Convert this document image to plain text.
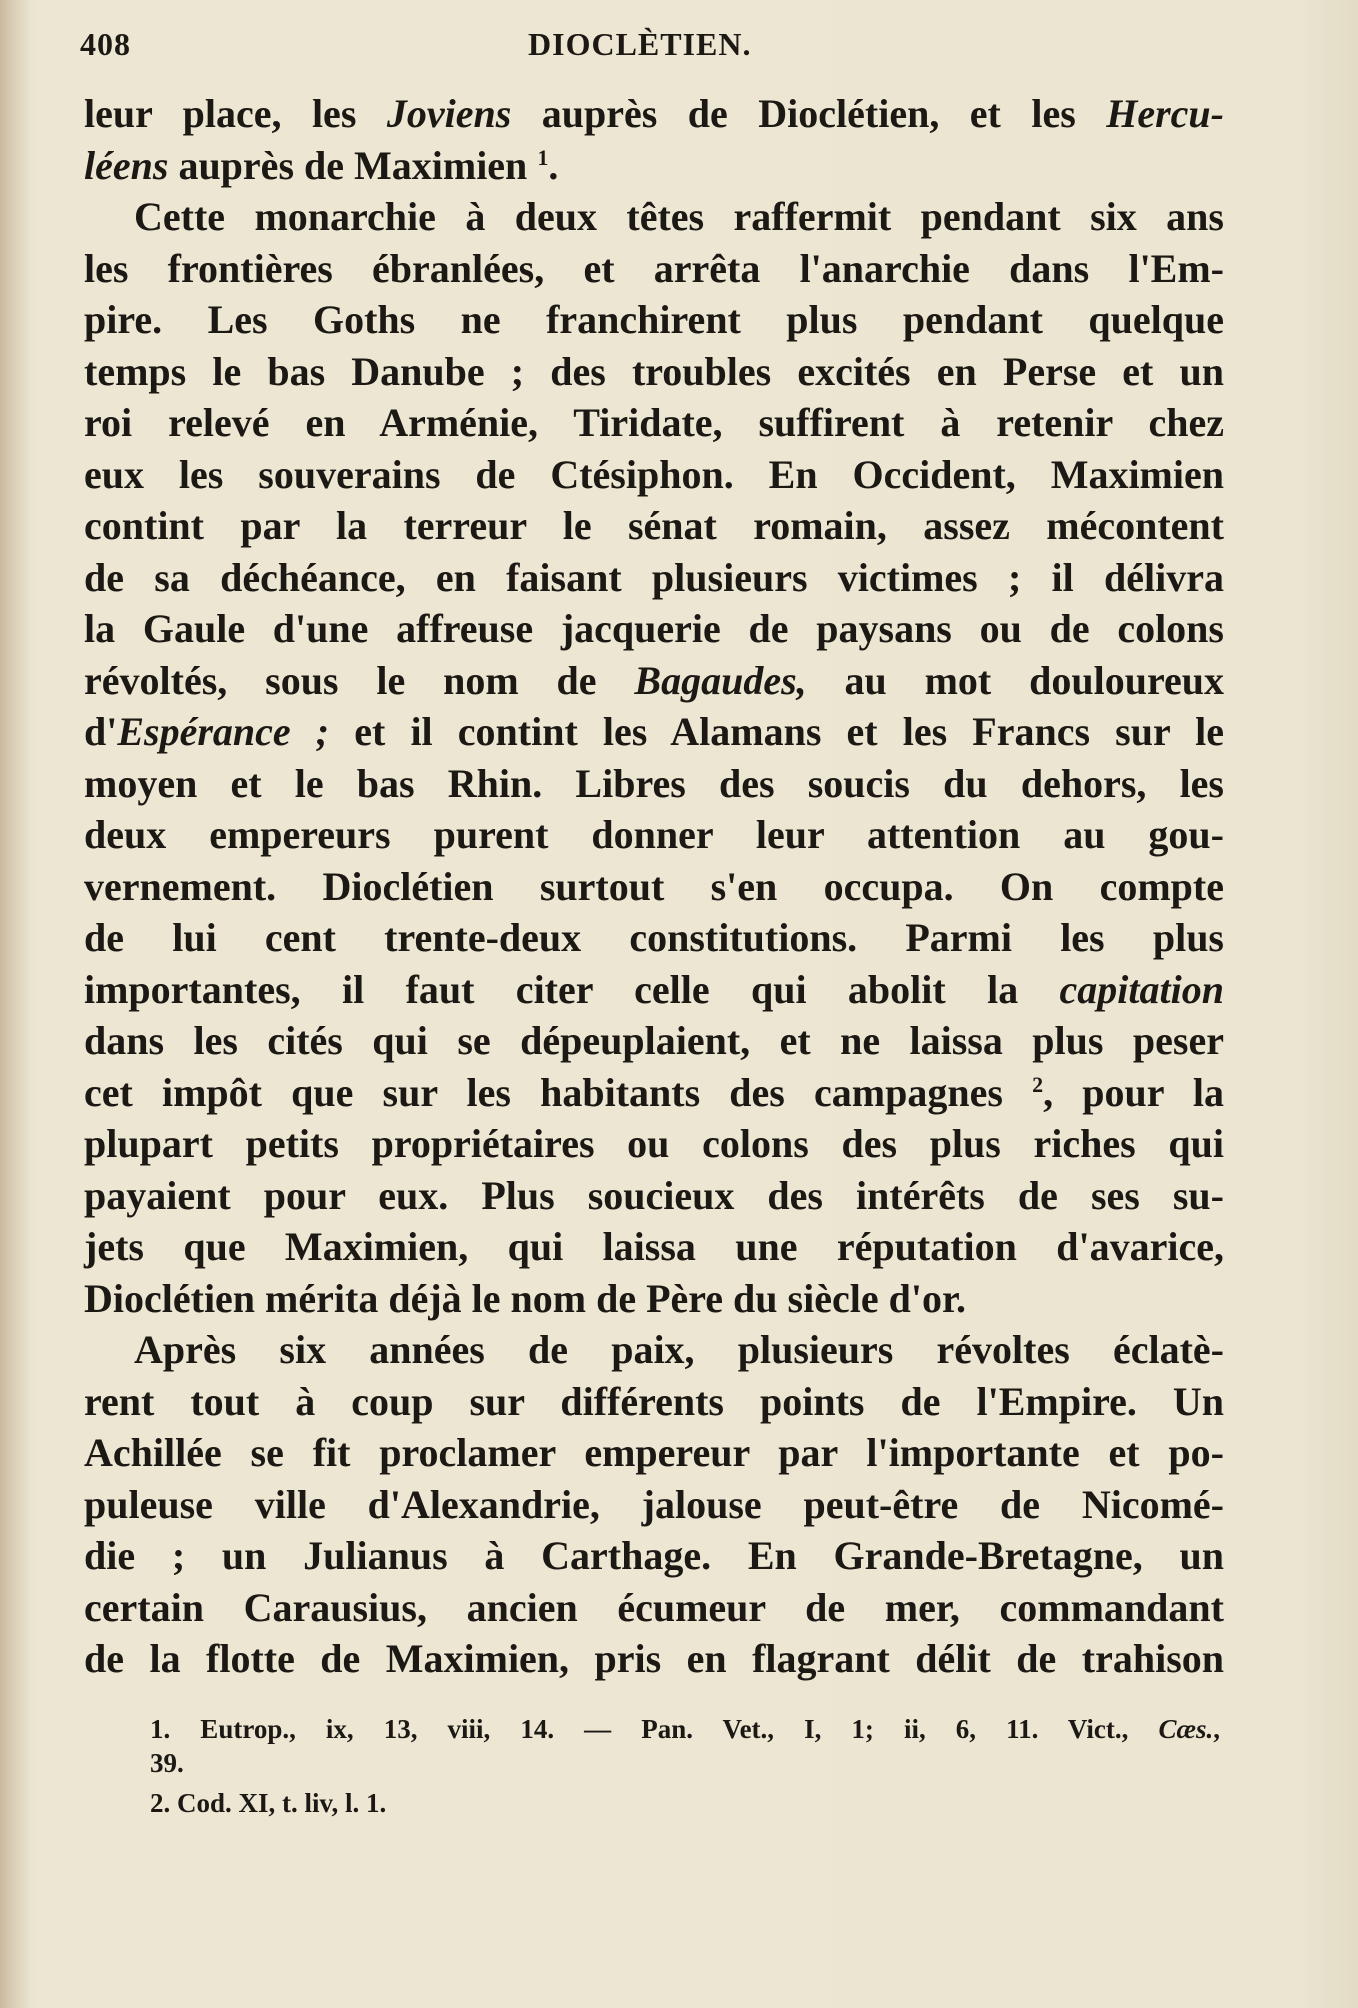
408	DIOCLÈTIEN.
leur place, les Joviens auprès de Dioclétien, et les Hercu-
léens auprès de Maximien $^1$.
Cette monarchie à deux têtes raffermit pendant six ans
les frontières ébranlées, et arrêta l'anarchie dans l'Em-
pire. Les Goths ne franchirent plus pendant quelque
temps le bas Danube ; des troubles excités en Perse et un
roi relevé en Arménie, Tiridate, suffirent à retenir chez
eux les souverains de Ctésiphon. En Occident, Maximien
contint par la terreur le sénat romain, assez mécontent
de sa déchéance, en faisant plusieurs victimes ; il délivra
la Gaule d'une affreuse jacquerie de paysans ou de colons
révoltés, sous le nom de Bagaudes, au mot douloureux
d'Espérance ; et il contint les Alamans et les Francs sur le
moyen et le bas Rhin. Libres des soucis du dehors, les
deux empereurs purent donner leur attention au gou-
vernement. Dioclétien surtout s'en occupa. On compte
de lui cent trente-deux constitutions. Parmi les plus
importantes, il faut citer celle qui abolit la capitation
dans les cités qui se dépeuplaient, et ne laissa plus peser
cet impôt que sur les habitants des campagnes $^2$, pour la
plupart petits propriétaires ou colons des plus riches qui
payaient pour eux. Plus soucieux des intérêts de ses su-
jets que Maximien, qui laissa une réputation d'avarice,
Dioclétien mérita déjà le nom de Père du siècle d'or.
Après six années de paix, plusieurs révoltes éclatè-
rent tout à coup sur différents points de l'Empire. Un
Achillée se fit proclamer empereur par l'importante et po-
puleuse ville d'Alexandrie, jalouse peut-être de Nicomé-
die ; un Julianus à Carthage. En Grande-Bretagne, un
certain Carausius, ancien écumeur de mer, commandant
de la flotte de Maximien, pris en flagrant délit de trahison
1. Eutrop., ix, 13, viii, 14. — Pan. Vet., I, 1; ii, 6, 11. Vict., Cæs.,
39.
2. Cod. XI, t. liv, l. 1.
